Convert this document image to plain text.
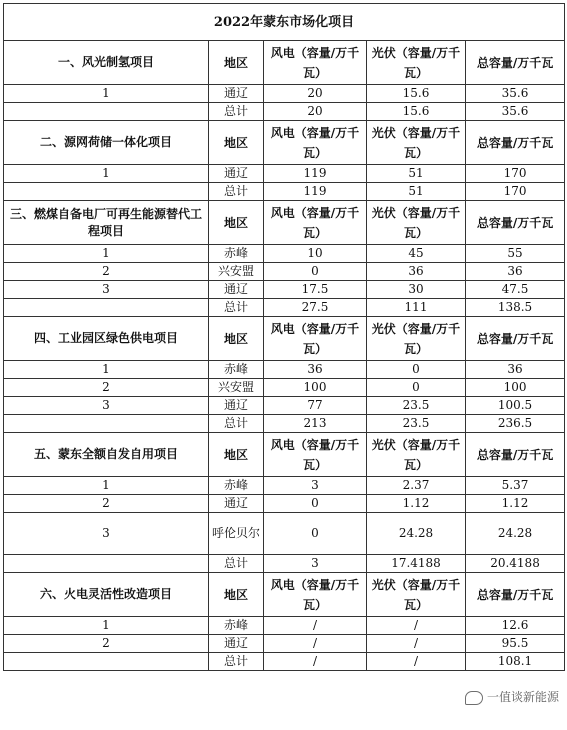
2022年蒙东市场化项目				
一、风光制氢项目	地区	风电（容量/万千瓦）	光伏（容量/万千瓦）	总容量/万千瓦
1	通辽	20	15.6	35.6
	总计	20	15.6	35.6
二、源网荷储一体化项目	地区	风电（容量/万千瓦）	光伏（容量/万千瓦）	总容量/万千瓦
1	通辽	119	51	170
	总计	119	51	170
三、燃煤自备电厂可再生能源替代工程项目	地区	风电（容量/万千瓦）	光伏（容量/万千瓦）	总容量/万千瓦
1	赤峰	10	45	55
2	兴安盟	0	36	36
3	通辽	17.5	30	47.5
	总计	27.5	111	138.5
四、工业园区绿色供电项目	地区	风电（容量/万千瓦）	光伏（容量/万千瓦）	总容量/万千瓦
1	赤峰	36	0	36
2	兴安盟	100	0	100
3	通辽	77	23.5	100.5
	总计	213	23.5	236.5
五、蒙东全额自发自用项目	地区	风电（容量/万千瓦）	光伏（容量/万千瓦）	总容量/万千瓦
1	赤峰	3	2.37	5.37
2	通辽	0	1.12	1.12
3	呼伦贝尔	0	24.28	24.28
	总计	3	17.4188	20.4188
六、火电灵活性改造项目	地区	风电（容量/万千瓦）	光伏（容量/万千瓦）	总容量/万千瓦
1	赤峰	/	/	12.6
2	通辽	/	/	95.5
	总计	/	/	108.1
一值谈新能源
